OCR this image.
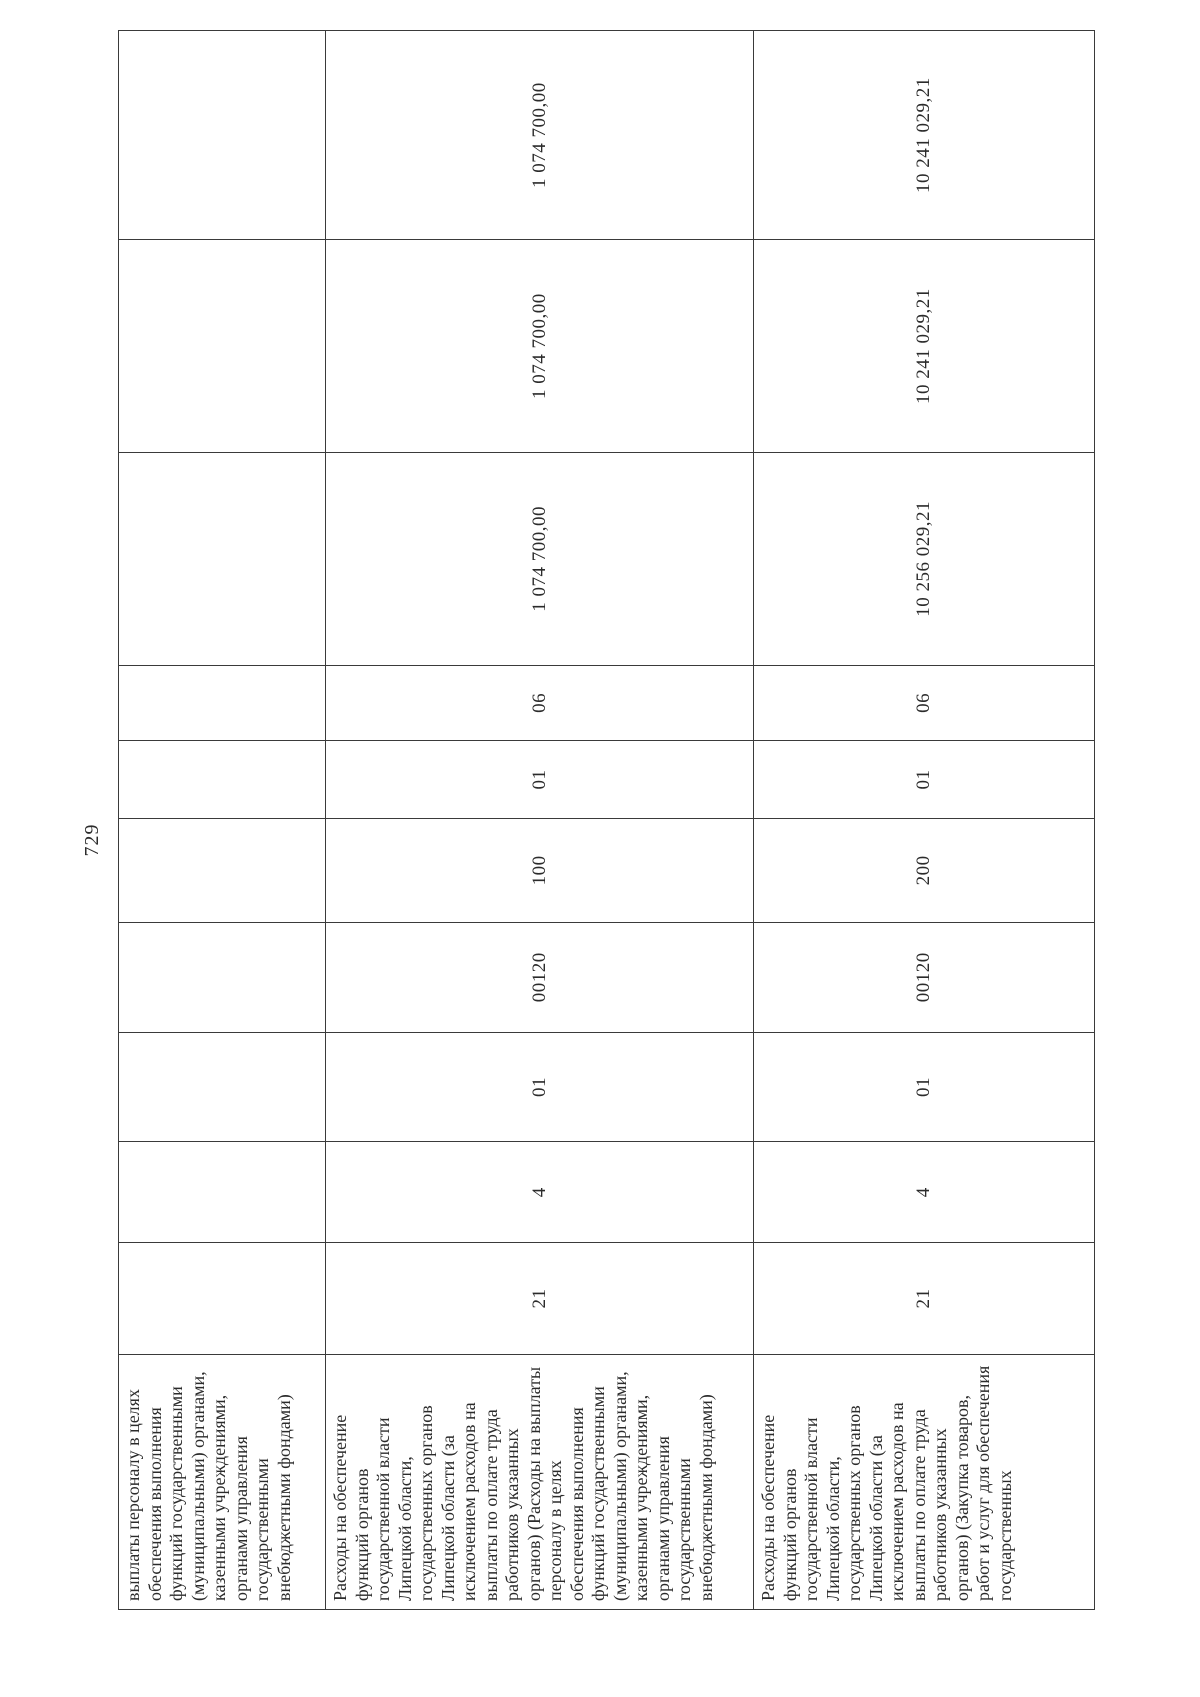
729
выплаты персоналу в целях обеспечения выполнения функций государственными (муниципальными) органами, казенными учреждениями, органами управления государственными внебюджетными фондами)										
Расходы на обеспечение функций органов государственной власти Липецкой области, государственных органов Липецкой области (за исключением расходов на выплаты по оплате труда работников указанных органов) (Расходы на выплаты персоналу в целях обеспечения выполнения функций государственными (муниципальными) органами, казенными учреждениями, органами управления государственными внебюджетными фондами)	21	4	01	00120	100	01	06	1 074 700,00	1 074 700,00	1 074 700,00
Расходы на обеспечение функций органов государственной власти Липецкой области, государственных органов Липецкой области (за исключением расходов на выплаты по оплате труда работников указанных органов) (Закупка товаров, работ и услуг для обеспечения государственных	21	4	01	00120	200	01	06	10 256 029,21	10 241 029,21	10 241 029,21
